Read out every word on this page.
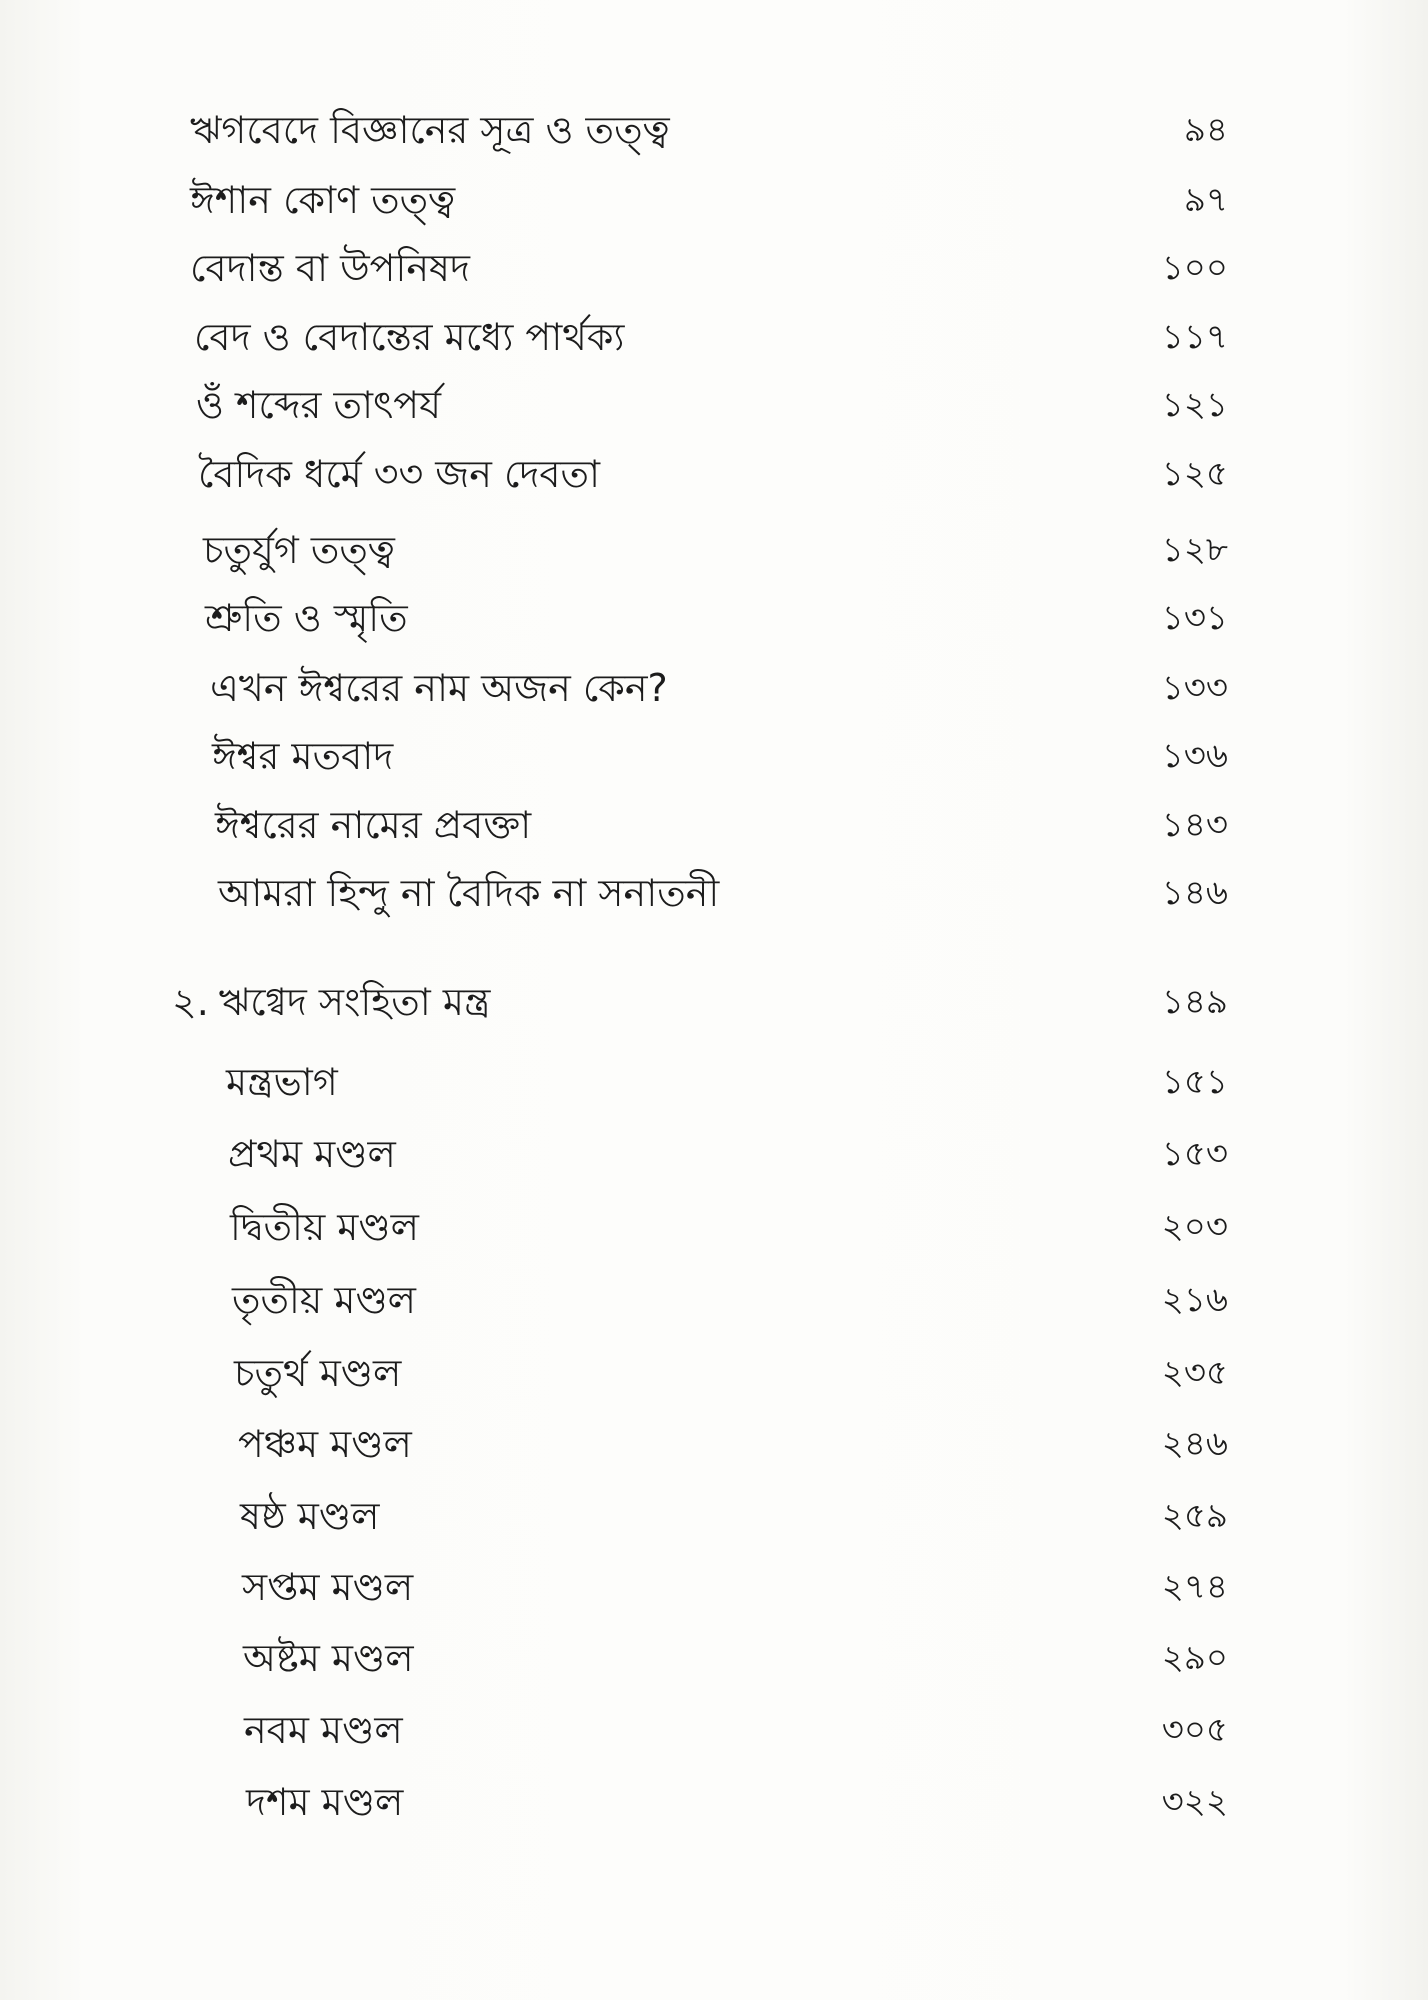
ঋগবেদে বিজ্ঞানের সূত্র ও তত্ত্ব	৯৪
ঈশান কোণ তত্ত্ব	৯৭
বেদান্ত বা উপনিষদ	১০০
বেদ ও বেদান্তের মধ্যে পার্থক্য	১১৭
ওঁ শব্দের তাৎপর্য	১২১
বৈদিক ধর্মে ৩৩ জন দেবতা	১২৫
চতুর্যুগ তত্ত্ব	১২৮
শ্রুতি ও স্মৃতি	১৩১
এখন ঈশ্বরের নাম অজন কেন?	১৩৩
ঈশ্বর মতবাদ	১৩৬
ঈশ্বরের নামের প্রবক্তা	১৪৩
আমরা হিন্দু না বৈদিক না সনাতনী	১৪৬
২. ঋগ্বেদ সংহিতা মন্ত্র	১৪৯
মন্ত্রভাগ	১৫১
প্রথম মণ্ডল	১৫৩
দ্বিতীয় মণ্ডল	২০৩
তৃতীয় মণ্ডল	২১৬
চতুর্থ মণ্ডল	২৩৫
পঞ্চম মণ্ডল	২৪৬
ষষ্ঠ মণ্ডল	২৫৯
সপ্তম মণ্ডল	২৭৪
অষ্টম মণ্ডল	২৯০
নবম মণ্ডল	৩০৫
দশম মণ্ডল	৩২২
